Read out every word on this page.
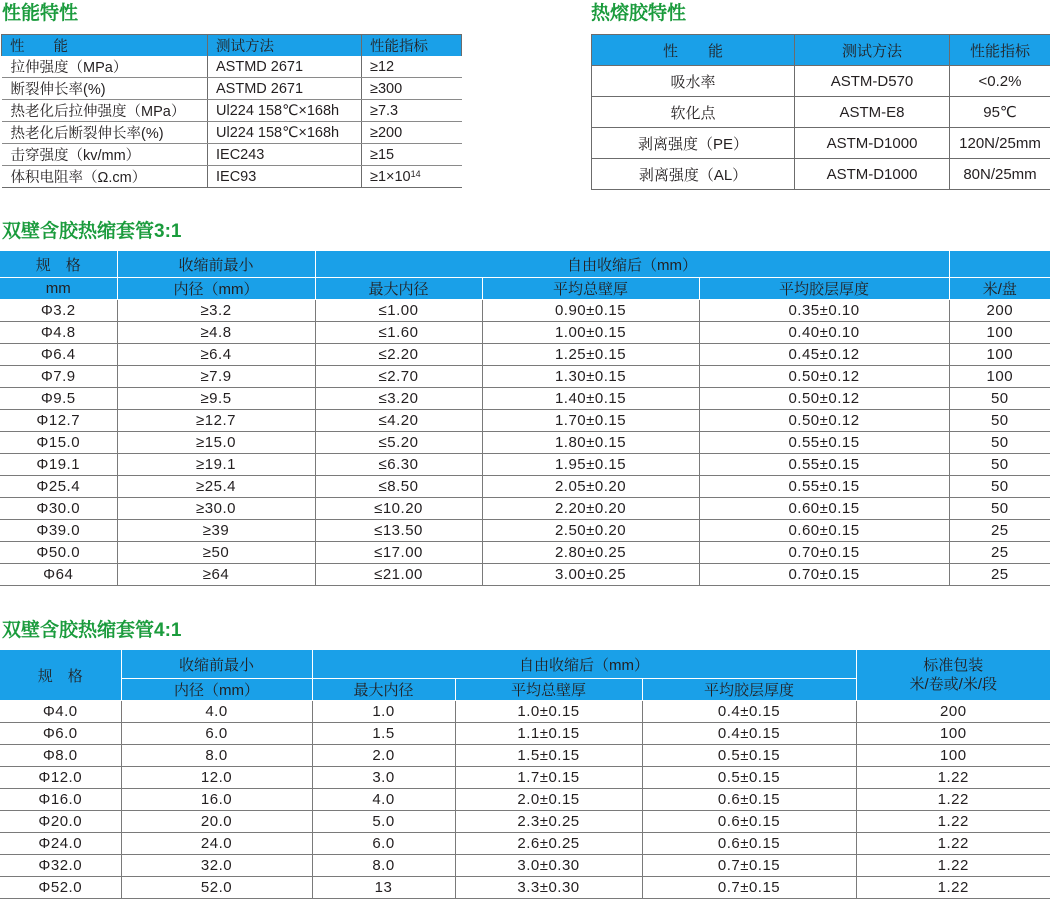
性能特性
性　　能	测试方法	性能指标
拉伸强度（MPa）	ASTMD 2671	≥12
断裂伸长率(%)	ASTMD 2671	≥300
热老化后拉伸强度（MPa）	Ul224 158℃×168h	≥7.3
热老化后断裂伸长率(%)	Ul224 158℃×168h	≥200
击穿强度（kv/mm）	IEC243	≥15
体积电阻率（Ω.cm）	IEC93	$\ge 1\times 10^{14}$
热熔胶特性
性　　能	测试方法	性能指标
吸水率	ASTM-D570	<0.2%
软化点	ASTM-E8	95℃
剥离强度（PE）	ASTM-D1000	120N/25mm
剥离强度（AL）	ASTM-D1000	80N/25mm
双壁含胶热缩套管3:1
规　格	收缩前最小	自由收缩后（mm）			
mm	内径（mm）	最大内径	平均总壁厚	平均胶层厚度	米/盘
Φ3.2	≥3.2	≤1.00	0.90±0.15	0.35±0.10	200
Φ4.8	≥4.8	≤1.60	1.00±0.15	0.40±0.10	100
Φ6.4	≥6.4	≤2.20	1.25±0.15	0.45±0.12	100
Φ7.9	≥7.9	≤2.70	1.30±0.15	0.50±0.12	100
Φ9.5	≥9.5	≤3.20	1.40±0.15	0.50±0.12	50
Φ12.7	≥12.7	≤4.20	1.70±0.15	0.50±0.12	50
Φ15.0	≥15.0	≤5.20	1.80±0.15	0.55±0.15	50
Φ19.1	≥19.1	≤6.30	1.95±0.15	0.55±0.15	50
Φ25.4	≥25.4	≤8.50	2.05±0.20	0.55±0.15	50
Φ30.0	≥30.0	≤10.20	2.20±0.20	0.60±0.15	50
Φ39.0	≥39	≤13.50	2.50±0.20	0.60±0.15	25
Φ50.0	≥50	≤17.00	2.80±0.25	0.70±0.15	25
Φ64	≥64	≤21.00	3.00±0.25	0.70±0.15	25
双壁含胶热缩套管4:1
规　格	收缩前最小	自由收缩后（mm）			标准包装
米/卷或/米/段
	内径（mm）	最大内径	平均总壁厚	平均胶层厚度	
Φ4.0	4.0	1.0	1.0±0.15	0.4±0.15	200
Φ6.0	6.0	1.5	1.1±0.15	0.4±0.15	100
Φ8.0	8.0	2.0	1.5±0.15	0.5±0.15	100
Φ12.0	12.0	3.0	1.7±0.15	0.5±0.15	1.22
Φ16.0	16.0	4.0	2.0±0.15	0.6±0.15	1.22
Φ20.0	20.0	5.0	2.3±0.25	0.6±0.15	1.22
Φ24.0	24.0	6.0	2.6±0.25	0.6±0.15	1.22
Φ32.0	32.0	8.0	3.0±0.30	0.7±0.15	1.22
Φ52.0	52.0	13	3.3±0.30	0.7±0.15	1.22
